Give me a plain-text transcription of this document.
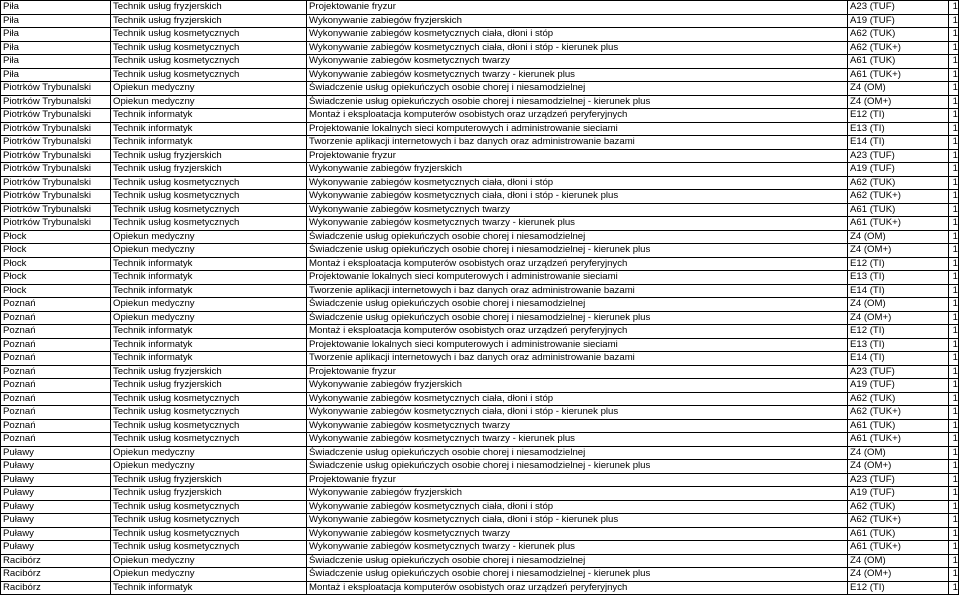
Piła	Technik usług fryzjerskich	Projektowanie fryzur	A23 (TUF)	1
Piła	Technik usług fryzjerskich	Wykonywanie zabiegów fryzjerskich	A19 (TUF)	1
Piła	Technik usług kosmetycznych	Wykonywanie zabiegów kosmetycznych ciała, dłoni i stóp	A62 (TUK)	1
Piła	Technik usług kosmetycznych	Wykonywanie zabiegów kosmetycznych ciała, dłoni i stóp - kierunek plus	A62 (TUK+)	1
Piła	Technik usług kosmetycznych	Wykonywanie zabiegów kosmetycznych twarzy	A61 (TUK)	1
Piła	Technik usług kosmetycznych	Wykonywanie zabiegów kosmetycznych twarzy - kierunek plus	A61 (TUK+)	1
Piotrków Trybunalski	Opiekun medyczny	Świadczenie usług opiekuńczych osobie chorej i niesamodzielnej	Z4 (OM)	1
Piotrków Trybunalski	Opiekun medyczny	Świadczenie usług opiekuńczych osobie chorej i niesamodzielnej - kierunek plus	Z4 (OM+)	1
Piotrków Trybunalski	Technik informatyk	Montaż i eksploatacja komputerów osobistych oraz urządzeń peryferyjnych	E12 (TI)	1
Piotrków Trybunalski	Technik informatyk	Projektowanie lokalnych sieci komputerowych i administrowanie sieciami	E13 (TI)	1
Piotrków Trybunalski	Technik informatyk	Tworzenie aplikacji internetowych i baz danych oraz administrowanie bazami	E14 (TI)	1
Piotrków Trybunalski	Technik usług fryzjerskich	Projektowanie fryzur	A23 (TUF)	1
Piotrków Trybunalski	Technik usług fryzjerskich	Wykonywanie zabiegów fryzjerskich	A19 (TUF)	1
Piotrków Trybunalski	Technik usług kosmetycznych	Wykonywanie zabiegów kosmetycznych ciała, dłoni i stóp	A62 (TUK)	1
Piotrków Trybunalski	Technik usług kosmetycznych	Wykonywanie zabiegów kosmetycznych ciała, dłoni i stóp - kierunek plus	A62 (TUK+)	1
Piotrków Trybunalski	Technik usług kosmetycznych	Wykonywanie zabiegów kosmetycznych twarzy	A61 (TUK)	1
Piotrków Trybunalski	Technik usług kosmetycznych	Wykonywanie zabiegów kosmetycznych twarzy - kierunek plus	A61 (TUK+)	1
Płock	Opiekun medyczny	Świadczenie usług opiekuńczych osobie chorej i niesamodzielnej	Z4 (OM)	1
Płock	Opiekun medyczny	Świadczenie usług opiekuńczych osobie chorej i niesamodzielnej - kierunek plus	Z4 (OM+)	1
Płock	Technik informatyk	Montaż i eksploatacja komputerów osobistych oraz urządzeń peryferyjnych	E12 (TI)	1
Płock	Technik informatyk	Projektowanie lokalnych sieci komputerowych i administrowanie sieciami	E13 (TI)	1
Płock	Technik informatyk	Tworzenie aplikacji internetowych i baz danych oraz administrowanie bazami	E14 (TI)	1
Poznań	Opiekun medyczny	Świadczenie usług opiekuńczych osobie chorej i niesamodzielnej	Z4 (OM)	1
Poznań	Opiekun medyczny	Świadczenie usług opiekuńczych osobie chorej i niesamodzielnej - kierunek plus	Z4 (OM+)	1
Poznań	Technik informatyk	Montaż i eksploatacja komputerów osobistych oraz urządzeń peryferyjnych	E12 (TI)	1
Poznań	Technik informatyk	Projektowanie lokalnych sieci komputerowych i administrowanie sieciami	E13 (TI)	1
Poznań	Technik informatyk	Tworzenie aplikacji internetowych i baz danych oraz administrowanie bazami	E14 (TI)	1
Poznań	Technik usług fryzjerskich	Projektowanie fryzur	A23 (TUF)	1
Poznań	Technik usług fryzjerskich	Wykonywanie zabiegów fryzjerskich	A19 (TUF)	1
Poznań	Technik usług kosmetycznych	Wykonywanie zabiegów kosmetycznych ciała, dłoni i stóp	A62 (TUK)	1
Poznań	Technik usług kosmetycznych	Wykonywanie zabiegów kosmetycznych ciała, dłoni i stóp - kierunek plus	A62 (TUK+)	1
Poznań	Technik usług kosmetycznych	Wykonywanie zabiegów kosmetycznych twarzy	A61 (TUK)	1
Poznań	Technik usług kosmetycznych	Wykonywanie zabiegów kosmetycznych twarzy - kierunek plus	A61 (TUK+)	1
Puławy	Opiekun medyczny	Świadczenie usług opiekuńczych osobie chorej i niesamodzielnej	Z4 (OM)	1
Puławy	Opiekun medyczny	Świadczenie usług opiekuńczych osobie chorej i niesamodzielnej - kierunek plus	Z4 (OM+)	1
Puławy	Technik usług fryzjerskich	Projektowanie fryzur	A23 (TUF)	1
Puławy	Technik usług fryzjerskich	Wykonywanie zabiegów fryzjerskich	A19 (TUF)	1
Puławy	Technik usług kosmetycznych	Wykonywanie zabiegów kosmetycznych ciała, dłoni i stóp	A62 (TUK)	1
Puławy	Technik usług kosmetycznych	Wykonywanie zabiegów kosmetycznych ciała, dłoni i stóp - kierunek plus	A62 (TUK+)	1
Puławy	Technik usług kosmetycznych	Wykonywanie zabiegów kosmetycznych twarzy	A61 (TUK)	1
Puławy	Technik usług kosmetycznych	Wykonywanie zabiegów kosmetycznych twarzy - kierunek plus	A61 (TUK+)	1
Racibórz	Opiekun medyczny	Świadczenie usług opiekuńczych osobie chorej i niesamodzielnej	Z4 (OM)	1
Racibórz	Opiekun medyczny	Świadczenie usług opiekuńczych osobie chorej i niesamodzielnej - kierunek plus	Z4 (OM+)	1
Racibórz	Technik informatyk	Montaż i eksploatacja komputerów osobistych oraz urządzeń peryferyjnych	E12 (TI)	1
